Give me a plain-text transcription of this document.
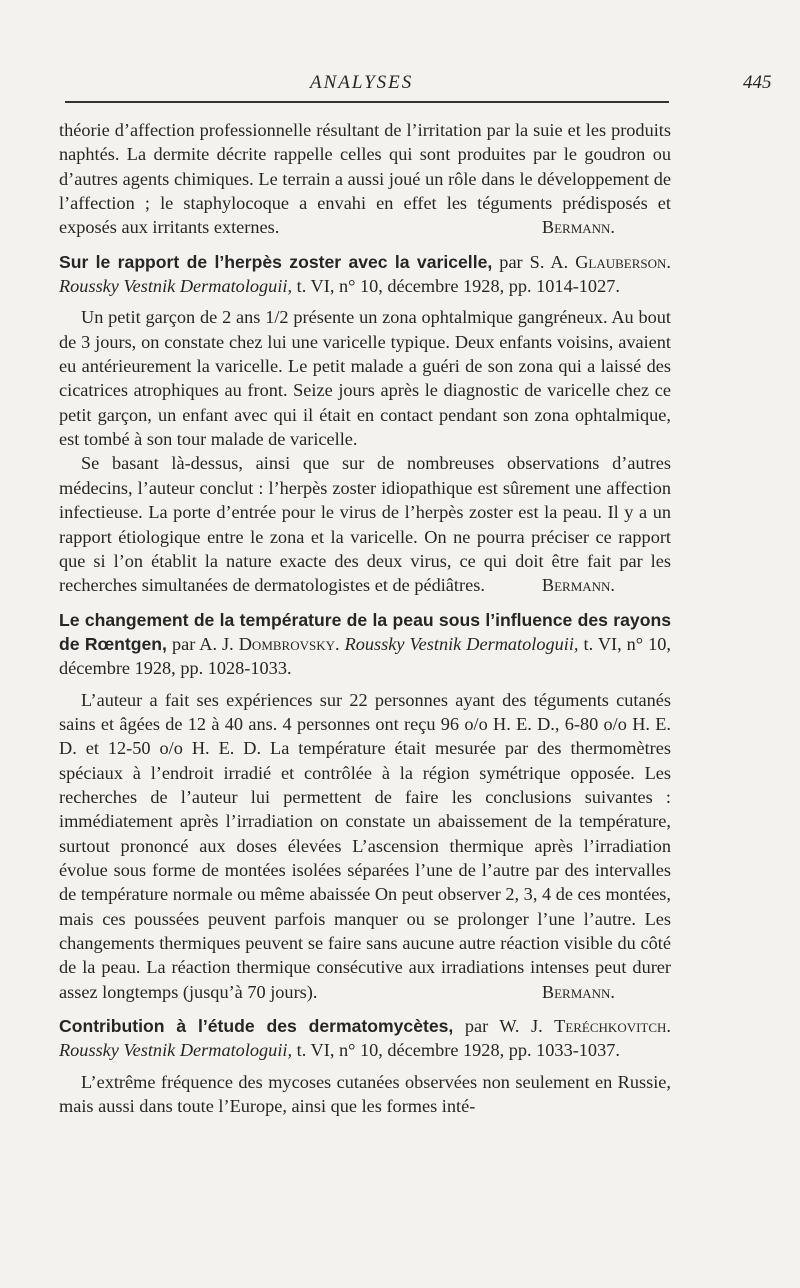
ANALYSES	445

théorie d’affection professionnelle résultant de l’irritation par la suie et les produits naphtés. La dermite décrite rappelle celles qui sont produites par le goudron ou d’autres agents chimiques. Le terrain a aussi joué un rôle dans le développement de l’affection ; le staphylocoque a envahi en effet les téguments prédisposés et exposés aux irritants externes.	Bermann.

Sur le rapport de l’herpès zoster avec la varicelle, par S. A. Glauberson. Roussky Vestnik Dermatologuii, t. VI, n° 10, décembre 1928, pp. 1014-1027.

Un petit garçon de 2 ans 1/2 présente un zona ophtalmique gangréneux. Au bout de 3 jours, on constate chez lui une varicelle typique. Deux enfants voisins, avaient eu antérieurement la varicelle. Le petit malade a guéri de son zona qui a laissé des cicatrices atrophiques au front. Seize jours après le diagnostic de varicelle chez ce petit garçon, un enfant avec qui il était en contact pendant son zona ophtalmique, est tombé à son tour malade de varicelle.

Se basant là-dessus, ainsi que sur de nombreuses observations d’autres médecins, l’auteur conclut : l’herpès zoster idiopathique est sûrement une affection infectieuse. La porte d’entrée pour le virus de l’herpès zoster est la peau. Il y a un rapport étiologique entre le zona et la varicelle. On ne pourra préciser ce rapport que si l’on établit la nature exacte des deux virus, ce qui doit être fait par les recherches simultanées de dermatologistes et de pédiâtres.	Bermann.

Le changement de la température de la peau sous l’influence des rayons de Rœntgen, par A. J. Dombrovsky. Roussky Vestnik Dermatologuii, t. VI, n° 10, décembre 1928, pp. 1028-1033.

L’auteur a fait ses expériences sur 22 personnes ayant des téguments cutanés sains et âgées de 12 à 40 ans. 4 personnes ont reçu 96 o/o H. E. D., 6-80 o/o H. E. D. et 12-50 o/o H. E. D. La température était mesurée par des thermomètres spéciaux à l’endroit irradié et contrôlée à la région symétrique opposée. Les recherches de l’auteur lui permettent de faire les conclusions suivantes : immédiatement après l’irradiation on constate un abaissement de la température, surtout prononcé aux doses élevées L’ascension thermique après l’irradiation évolue sous forme de montées isolées séparées l’une de l’autre par des intervalles de température normale ou même abaissée On peut observer 2, 3, 4 de ces montées, mais ces poussées peuvent parfois manquer ou se prolonger l’une l’autre. Les changements thermiques peuvent se faire sans aucune autre réaction visible du côté de la peau. La réaction thermique consécutive aux irradiations intenses peut durer assez longtemps (jusqu’à 70 jours).	Bermann.

Contribution à l’étude des dermatomycètes, par W. J. Teréchkovitch. Roussky Vestnik Dermatologuii, t. VI, n° 10, décembre 1928, pp. 1033-1037.

L’extrême fréquence des mycoses cutanées observées non seulement en Russie, mais aussi dans toute l’Europe, ainsi que les formes inté-
